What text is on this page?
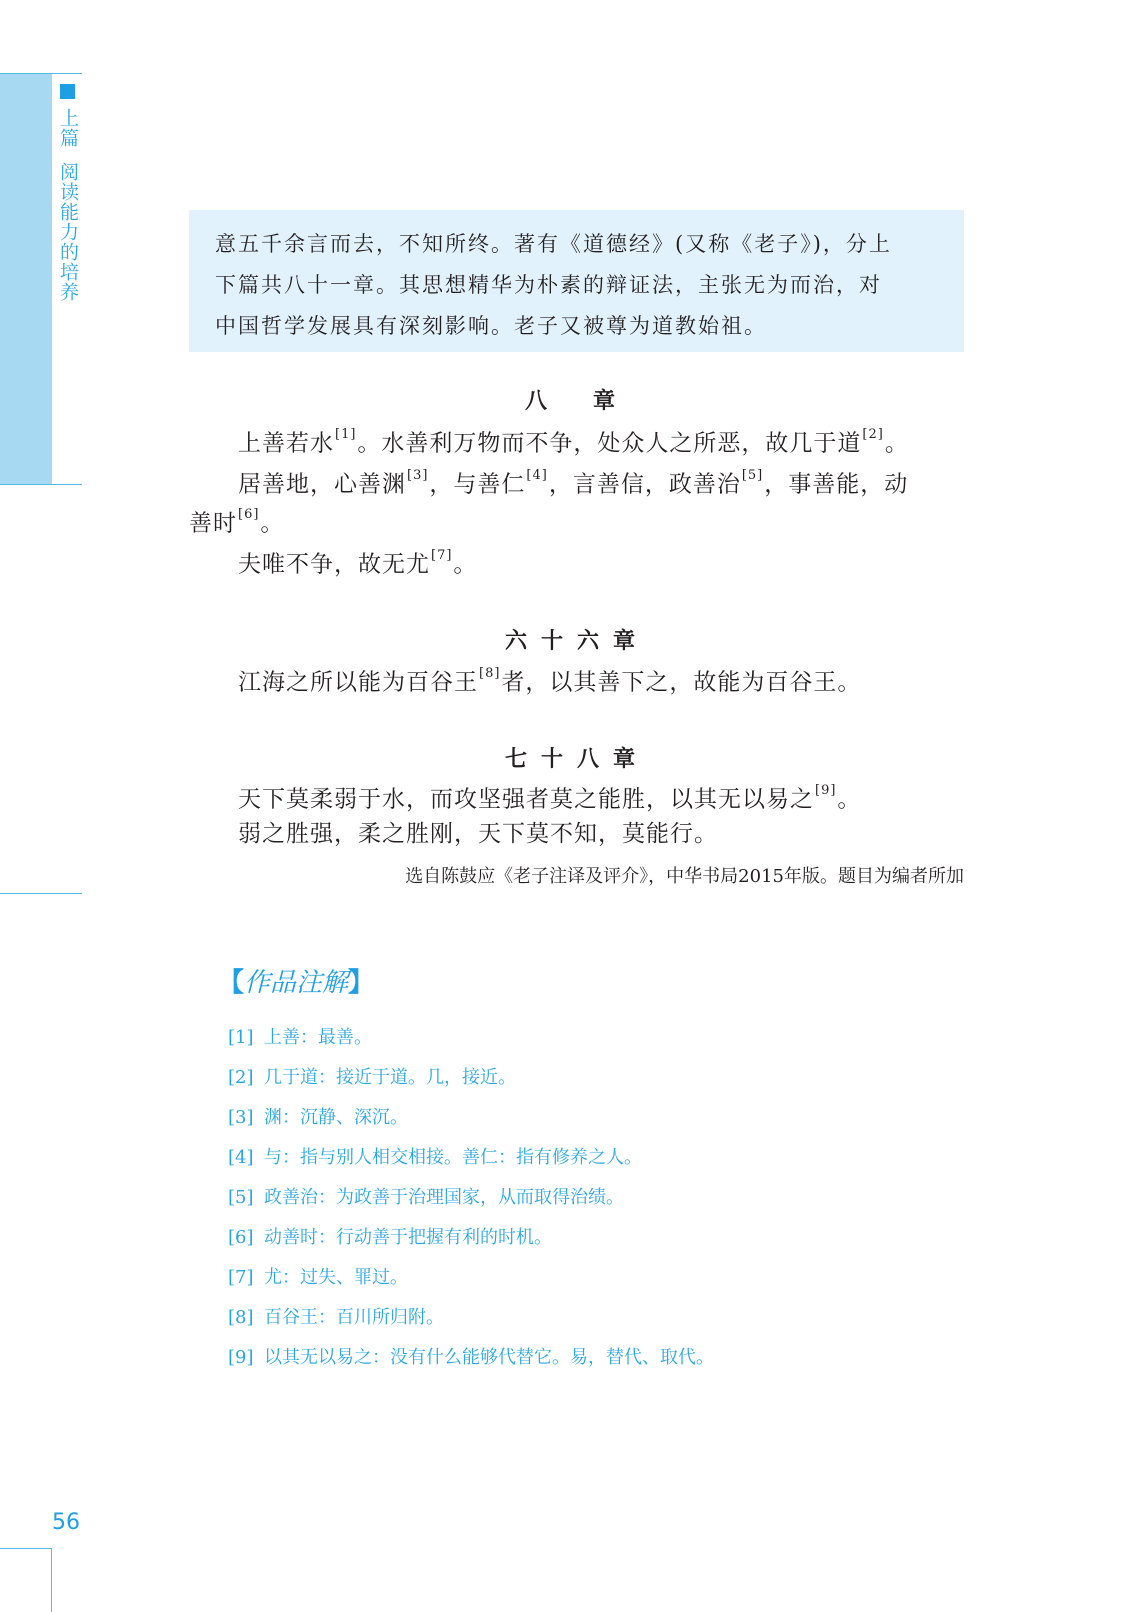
上篇阅读能力的培养	意五千余言而去，不知所终。著有《道德经》(又称《老子》)，分上
下篇共八十一章。其思想精华为朴素的辩证法，主张无为而治，对
中国哲学发展具有深刻影响。老子又被尊为道教始祖。
八 章
上善若水[1]。水善利万物而不争，处众人之所恶，故几于道[2]。
居善地，心善渊[3]，与善仁[4]，言善信，政善治[5]，事善能，动
善时[6]。
夫唯不争，故无尤[7]。
六 十 六 章
江海之所以能为百谷王[8]者，以其善下之，故能为百谷王。
七 十 八 章
天下莫柔弱于水，而攻坚强者莫之能胜，以其无以易之[9]。
弱之胜强，柔之胜刚，天下莫不知，莫能行。
选自陈鼓应《老子注译及评介》，中华书局2015年版。题目为编者所加
【作品注解】
[1] 上善：最善。
[2] 几于道：接近于道。几，接近。
[3] 渊：沉静、深沉。
[4] 与：指与别人相交相接。善仁：指有修养之人。
[5] 政善治：为政善于治理国家，从而取得治绩。
[6] 动善时：行动善于把握有利的时机。
[7] 尤：过失、罪过。
[8] 百谷王：百川所归附。
[9] 以其无以易之：没有什么能够代替它。易，替代、取代。
56
